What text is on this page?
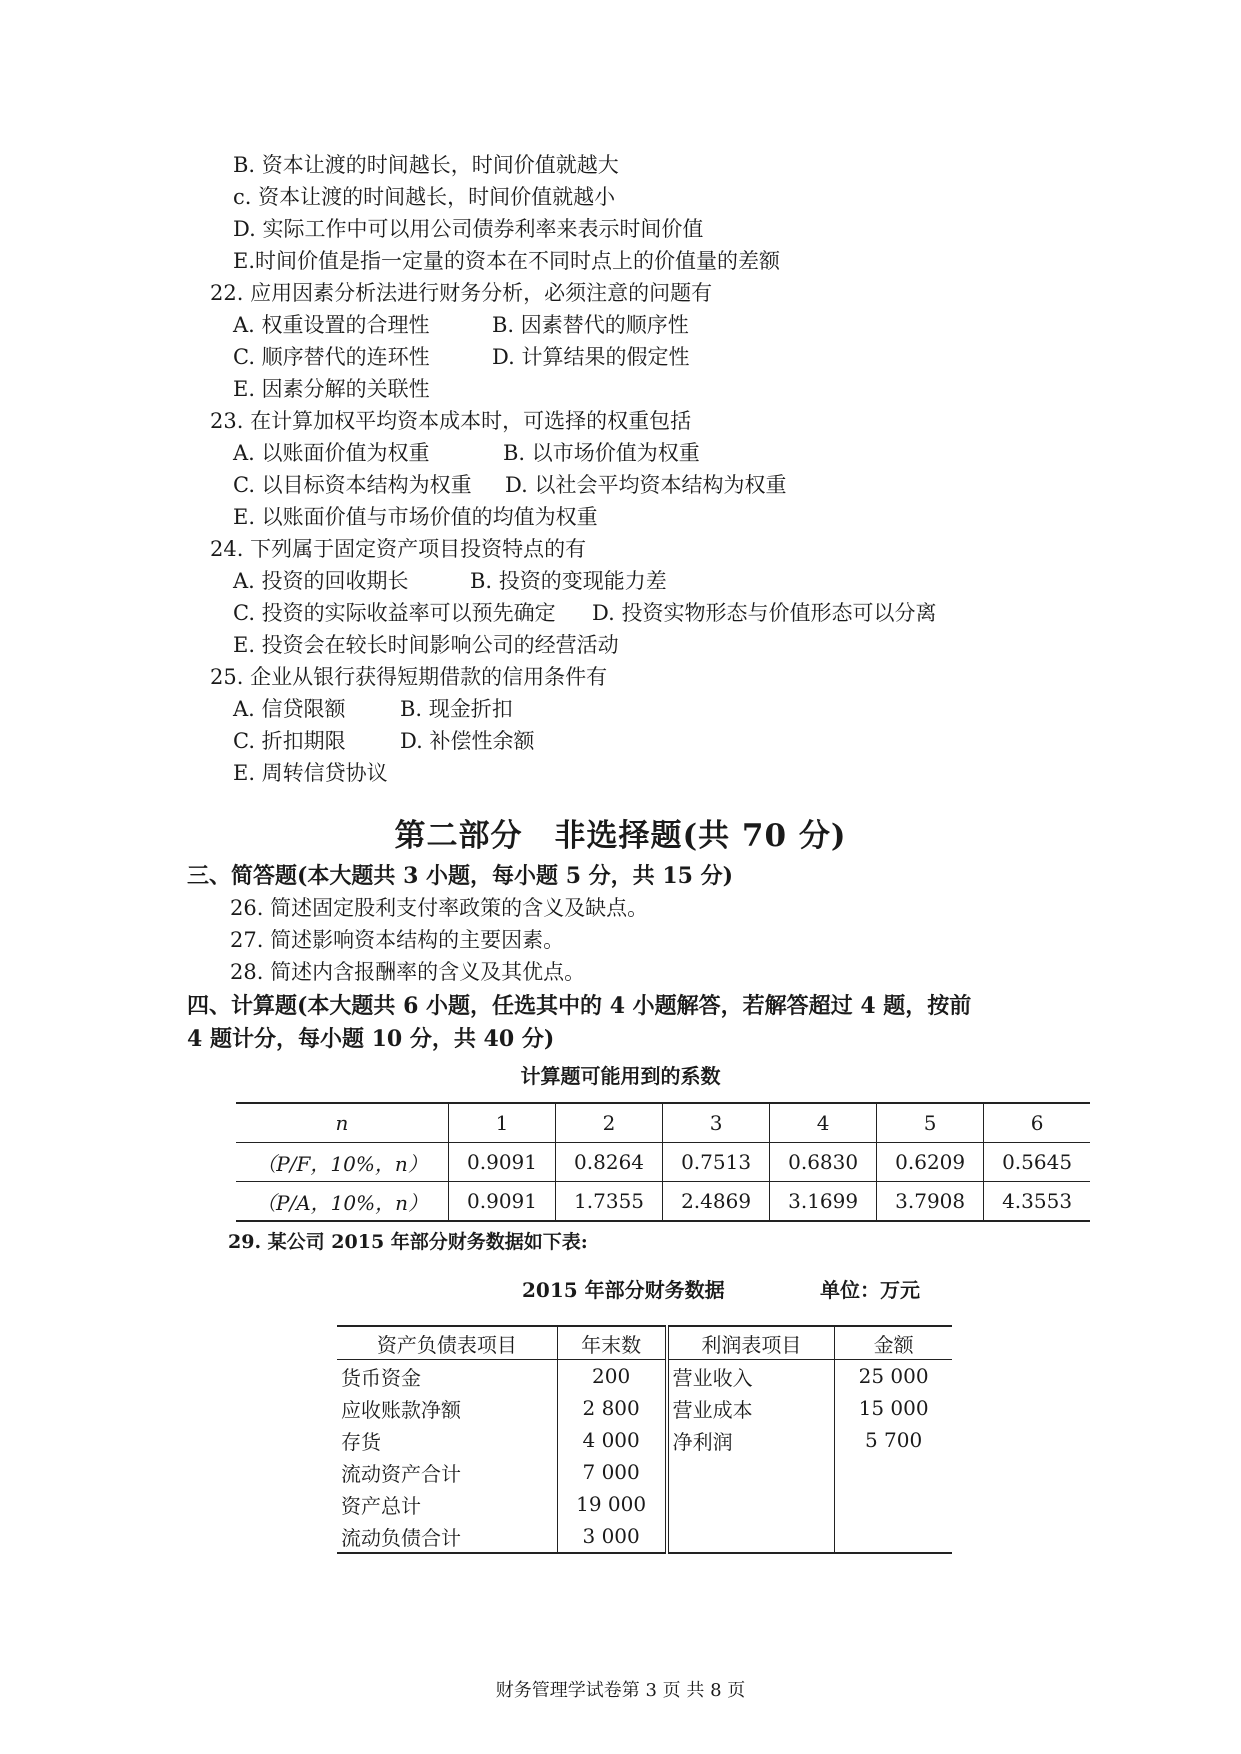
B. 资本让渡的时间越长，时间价值就越大
c. 资本让渡的时间越长，时间价值就越小
D. 实际工作中可以用公司债券利率来表示时间价值
E.时间价值是指一定量的资本在不同时点上的价值量的差额
22. 应用因素分析法进行财务分析，必须注意的问题有
A. 权重设置的合理性	B. 因素替代的顺序性
C. 顺序替代的连环性	D. 计算结果的假定性
E. 因素分解的关联性
23. 在计算加权平均资本成本时，可选择的权重包括
A. 以账面价值为权重	B. 以市场价值为权重
C. 以目标资本结构为权重 D. 以社会平均资本结构为权重
E. 以账面价值与市场价值的均值为权重
24. 下列属于固定资产项目投资特点的有
A. 投资的回收期长	B. 投资的变现能力差
C. 投资的实际收益率可以预先确定 D. 投资实物形态与价值形态可以分离
E. 投资会在较长时间影响公司的经营活动
25. 企业从银行获得短期借款的信用条件有
A. 信贷限额	B. 现金折扣
C. 折扣期限	D. 补偿性余额
E. 周转信贷协议
第二部分　非选择题(共 70 分)
三、简答题(本大题共 3 小题，每小题 5 分，共 15 分)
26. 简述固定股利支付率政策的含义及缺点。
27. 简述影响资本结构的主要因素。
28. 简述内含报酬率的含义及其优点。
四、计算题(本大题共 6 小题，任选其中的 4 小题解答，若解答超过 4 题，按前
4 题计分，每小题 10 分，共 40 分)
计算题可能用到的系数
n	1	2	3	4	5	6
（P/F，10%，n）	0.9091	0.8264	0.7513	0.6830	0.6209	0.5645
（P/A，10%，n）	0.9091	1.7355	2.4869	3.1699	3.7908	4.3553
29. 某公司 2015 年部分财务数据如下表:
2015 年部分财务数据	单位：万元
资产负债表项目	年末数	利润表项目	金额
货币资金	200	营业收入	25 000
应收账款净额	2 800	营业成本	15 000
存货	4 000	净利润	5 700
流动资产合计	7 000		
资产总计	19 000		
流动负债合计	3 000		
财务管理学试卷第 3 页 共 8 页
